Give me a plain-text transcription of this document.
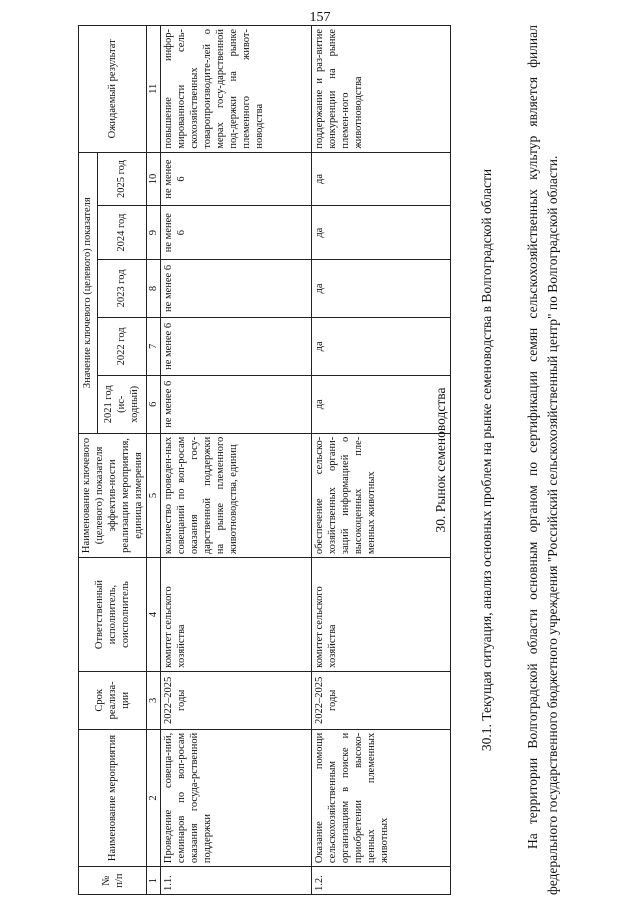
157
№ п/п	Наименование мероприятия	Срок реализа-ции	Ответственный исполнитель, соисполнитель	Наименование ключевого (целевого) показателя эффектив-ности реализации мероприятия, единица измерения	Значение ключевого (целевого) показателя					Ожидаемый результат
					2021 год (ис-ходный)	2022 год	2023 год	2024 год	2025 год	
1	2	3	4	5	6	7	8	9	10	11
1.1.	Проведение совеща-ний, семинаров по воп-росам оказания госуда-рственной поддержки	2022–2025 годы	комитет сельского хозяйства	количество проведен-ных совещаний по воп-росам оказания госу-дарственной поддержки на рынке племенного животноводства, единиц	не менее 6	не менее 6	не менее 6	не менее 6	не менее 6	повышение инфор-мированности сель-скохозяйственных товаропроизводите-лей о мерах госу-дарственной под-держки на рынке племенного живот-новодства
1.2.	Оказание помощи сельскохозяйственным организациям в поиске и приобретении высоко-ценных племенных животных	2022–2025 годы	комитет сельского хозяйства	обеспечение сельско-хозяйственных органи-заций информацией о высокоценных пле-менных животных	да	да	да	да	да	поддержание и раз-витие конкуренции на рынке племен-ного животноводства
30. Рынок семеноводства 30.1. Текущая ситуация, анализ основных проблем на рынке семеноводства в Волгоградской области На территории Волгоградской области основным органом по сертификации семян сельскохозяйственных культур является филиал федерального государственного бюджетного учреждения "Российский сельскохозяйственный центр" по Волгоградской области.
